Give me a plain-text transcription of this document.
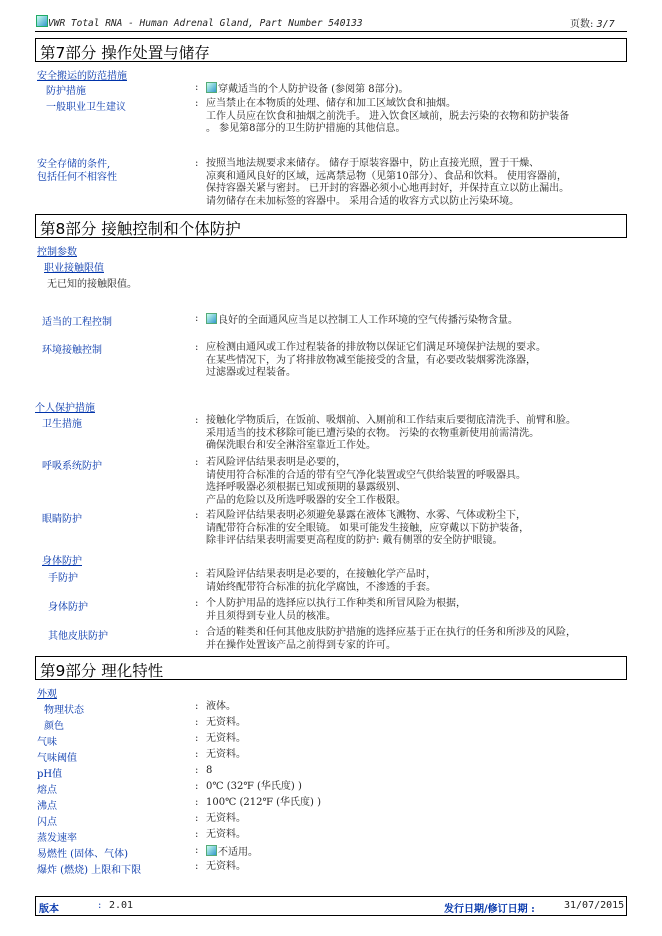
VWR Total RNA - Human Adrenal Gland, Part Number 540133	页数: 3/7
第7部分 操作处置与储存
安全搬运的防范措施
防护措施	:	穿戴适当的个人防护设备 (参阅第 8部分)。
一般职业卫生建议	: 应当禁止在本物质的处理、储存和加工区域饮食和抽烟。
工作人员应在饮食和抽烟之前洗手。 进入饮食区域前，脱去污染的衣物和防护装备
。 参见第8部分的卫生防护措施的其他信息。
安全存储的条件,
包括任何不相容性
: 按照当地法规要求来储存。 储存于原装容器中，防止直接光照，置于干燥、
凉爽和通风良好的区域，远离禁忌物（见第10部分）、食品和饮料。 使用容器前，
保持容器关紧与密封。 已开封的容器必须小心地再封好，并保持直立以防止漏出。
请勿储存在未加标签的容器中。 采用合适的收容方式以防止污染环境。
第8部分 接触控制和个体防护
控制参数
职业接触限值
无已知的接触限值。
适当的工程控制	:	良好的全面通风应当足以控制工人工作环境的空气传播污染物含量。
环境接触控制	: 应检测由通风或工作过程装备的排放物以保证它们满足环境保护法规的要求。
在某些情况下，为了将排放物减至能接受的含量，有必要改装烟雾洗涤器，
过滤器或过程装备。
个人保护措施
卫生措施	: 接触化学物质后，在饭前、吸烟前、入厕前和工作结束后要彻底清洗手、前臂和脸。
采用适当的技术移除可能已遭污染的衣物。 污染的衣物重新使用前需清洗。
确保洗眼台和安全淋浴室靠近工作处。
呼吸系统防护	: 若风险评估结果表明是必要的，
请使用符合标准的合适的带有空气净化装置或空气供给装置的呼吸器具。
选择呼吸器必须根据已知或预期的暴露级别、
产品的危险以及所选呼吸器的安全工作极限。
眼睛防护	: 若风险评估结果表明必须避免暴露在液体飞溅物、水雾、气体或粉尘下，
请配带符合标准的安全眼镜。 如果可能发生接触，应穿戴以下防护装备，
除非评估结果表明需要更高程度的防护: 戴有侧罩的安全防护眼镜。
身体防护
手防护	: 若风险评估结果表明是必要的，在接触化学产品时，
请始终配带符合标准的抗化学腐蚀，不渗透的手套。
身体防护	: 个人防护用品的选择应以执行工作种类和所冒风险为根据，
并且须得到专业人员的核准。
其他皮肤防护	: 合适的鞋类和任何其他皮肤防护措施的选择应基于正在执行的任务和所涉及的风险，
并在操作处置该产品之前得到专家的许可。
第9部分 理化特性
外观
物理状态	: 液体。
颜色	: 无资料。
气味	: 无资料。
气味阈值	: 无资料。
pH值	: 8
熔点	: 0℃ (32℉ (华氏度) )
沸点	: 100℃ (212℉ (华氏度) )
闪点	: 无资料。
蒸发速率	: 无资料。
易燃性 (固体、气体)	:	不适用。
爆炸 (燃烧) 上限和下限	: 无资料。
版本	: 2.01	发行日期/修订日期 :	31/07/2015
